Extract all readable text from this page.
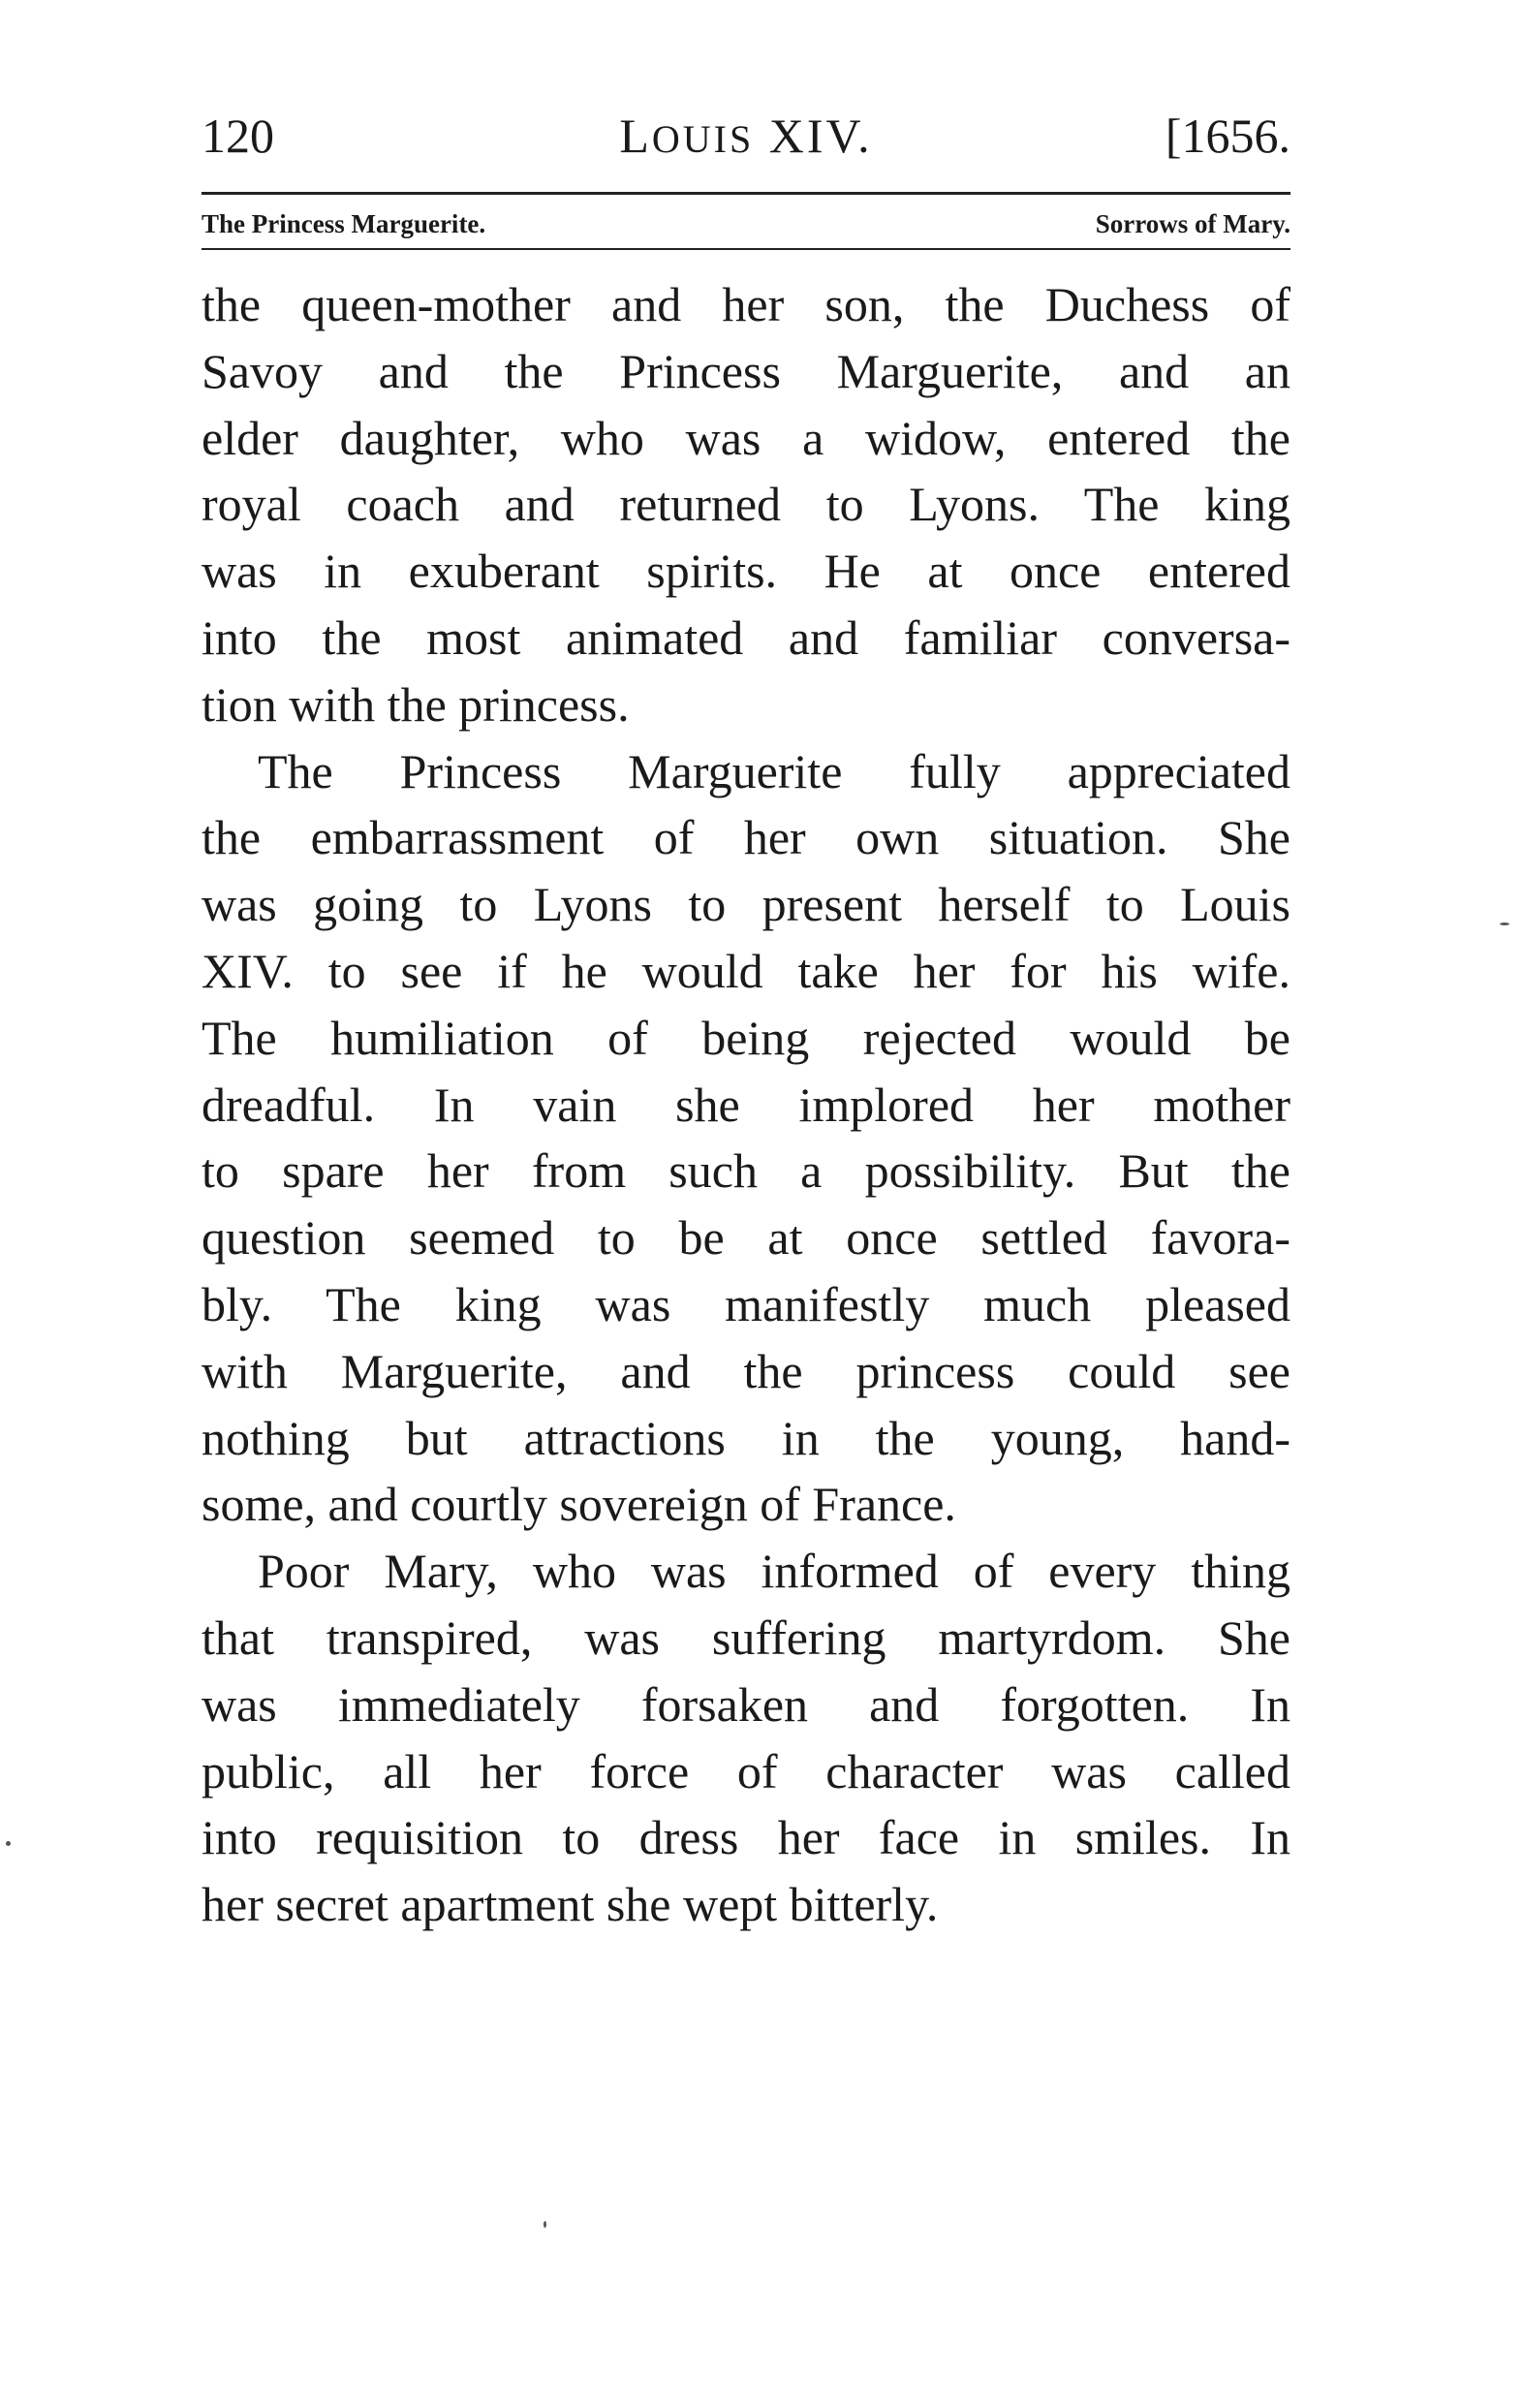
120	LOUIS XIV.	[1656.
The Princess Marguerite.	Sorrows of Mary.
the queen-mother and her son, the Duchess of
Savoy and the Princess Marguerite, and an
elder daughter, who was a widow, entered the
royal coach and returned to Lyons. The king
was in exuberant spirits. He at once entered
into the most animated and familiar conversa-
tion with the princess.
The Princess Marguerite fully appreciated
the embarrassment of her own situation. She
was going to Lyons to present herself to Louis
XIV. to see if he would take her for his wife.
The humiliation of being rejected would be
dreadful. In vain she implored her mother
to spare her from such a possibility. But the
question seemed to be at once settled favora-
bly. The king was manifestly much pleased
with Marguerite, and the princess could see
nothing but attractions in the young, hand-
some, and courtly sovereign of France.
Poor Mary, who was informed of every thing
that transpired, was suffering martyrdom. She
was immediately forsaken and forgotten. In
public, all her force of character was called
into requisition to dress her face in smiles. In
her secret apartment she wept bitterly.
